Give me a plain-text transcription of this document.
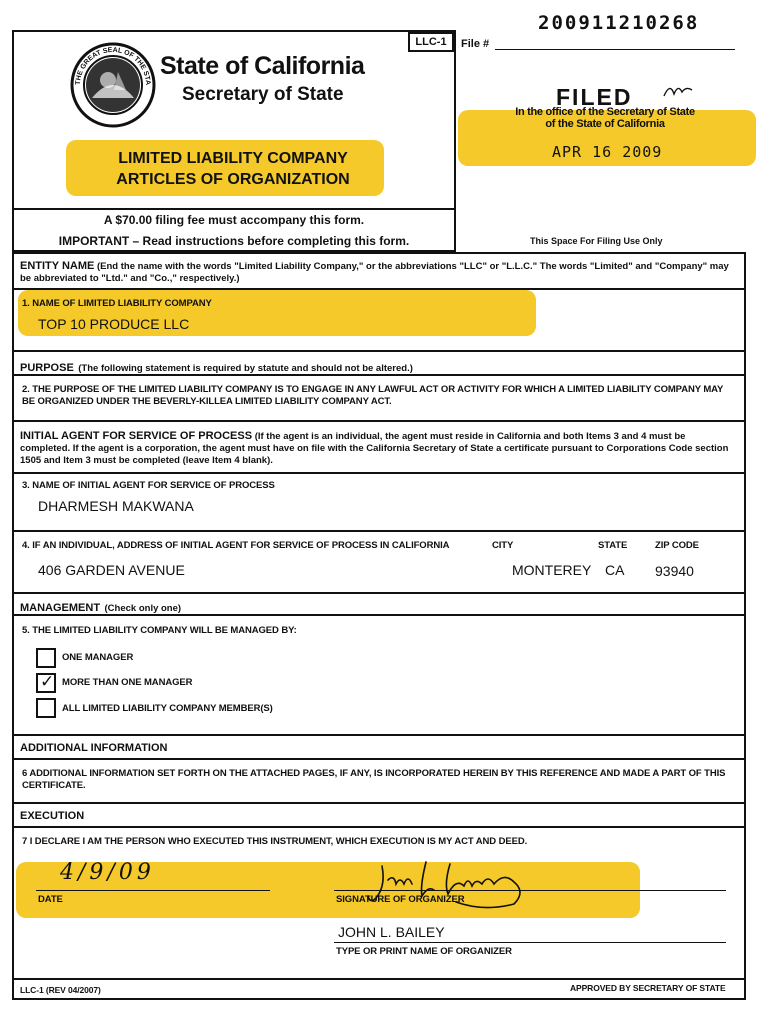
200911210268
LLC-1	File #
THE GREAT SEAL OF THE STA
State of California
Secretary of State
LIMITED LIABILITY COMPANY
ARTICLES OF ORGANIZATION
A $70.00 filing fee must accompany this form.
IMPORTANT – Read instructions before completing this form.
FILED
In the office of the Secretary of State
of the State of California
APR 16 2009
This Space For Filing Use Only
ENTITY NAME (End the name with the words "Limited Liability Company," or the abbreviations "LLC" or "L.L.C." The words "Limited" and "Company" may be abbreviated to "Ltd." and "Co.," respectively.)
1. NAME OF LIMITED LIABILITY COMPANY
TOP 10 PRODUCE LLC
PURPOSE (The following statement is required by statute and should not be altered.)
2. THE PURPOSE OF THE LIMITED LIABILITY COMPANY IS TO ENGAGE IN ANY LAWFUL ACT OR ACTIVITY FOR WHICH A LIMITED LIABILITY COMPANY MAY BE ORGANIZED UNDER THE BEVERLY-KILLEA LIMITED LIABILITY COMPANY ACT.
INITIAL AGENT FOR SERVICE OF PROCESS (If the agent is an individual, the agent must reside in California and both Items 3 and 4 must be completed. If the agent is a corporation, the agent must have on file with the California Secretary of State a certificate pursuant to Corporations Code section 1505 and Item 3 must be completed (leave Item 4 blank).
3. NAME OF INITIAL AGENT FOR SERVICE OF PROCESS
DHARMESH MAKWANA
4. IF AN INDIVIDUAL, ADDRESS OF INITIAL AGENT FOR SERVICE OF PROCESS IN CALIFORNIA	CITY	STATE	ZIP CODE
406 GARDEN AVENUE	MONTEREY CA 93940
MANAGEMENT (Check only one)
5. THE LIMITED LIABILITY COMPANY WILL BE MANAGED BY:
ONE MANAGER
✓ MORE THAN ONE MANAGER
ALL LIMITED LIABILITY COMPANY MEMBER(S)
ADDITIONAL INFORMATION
6 ADDITIONAL INFORMATION SET FORTH ON THE ATTACHED PAGES, IF ANY, IS INCORPORATED HEREIN BY THIS REFERENCE AND MADE A PART OF THIS CERTIFICATE.
EXECUTION
7 I DECLARE I AM THE PERSON WHO EXECUTED THIS INSTRUMENT, WHICH EXECUTION IS MY ACT AND DEED.
4/9/09
DATE
John L Bailey
SIGNATURE OF ORGANIZER
JOHN L. BAILEY
TYPE OR PRINT NAME OF ORGANIZER
LLC-1 (REV 04/2007)	APPROVED BY SECRETARY OF STATE
